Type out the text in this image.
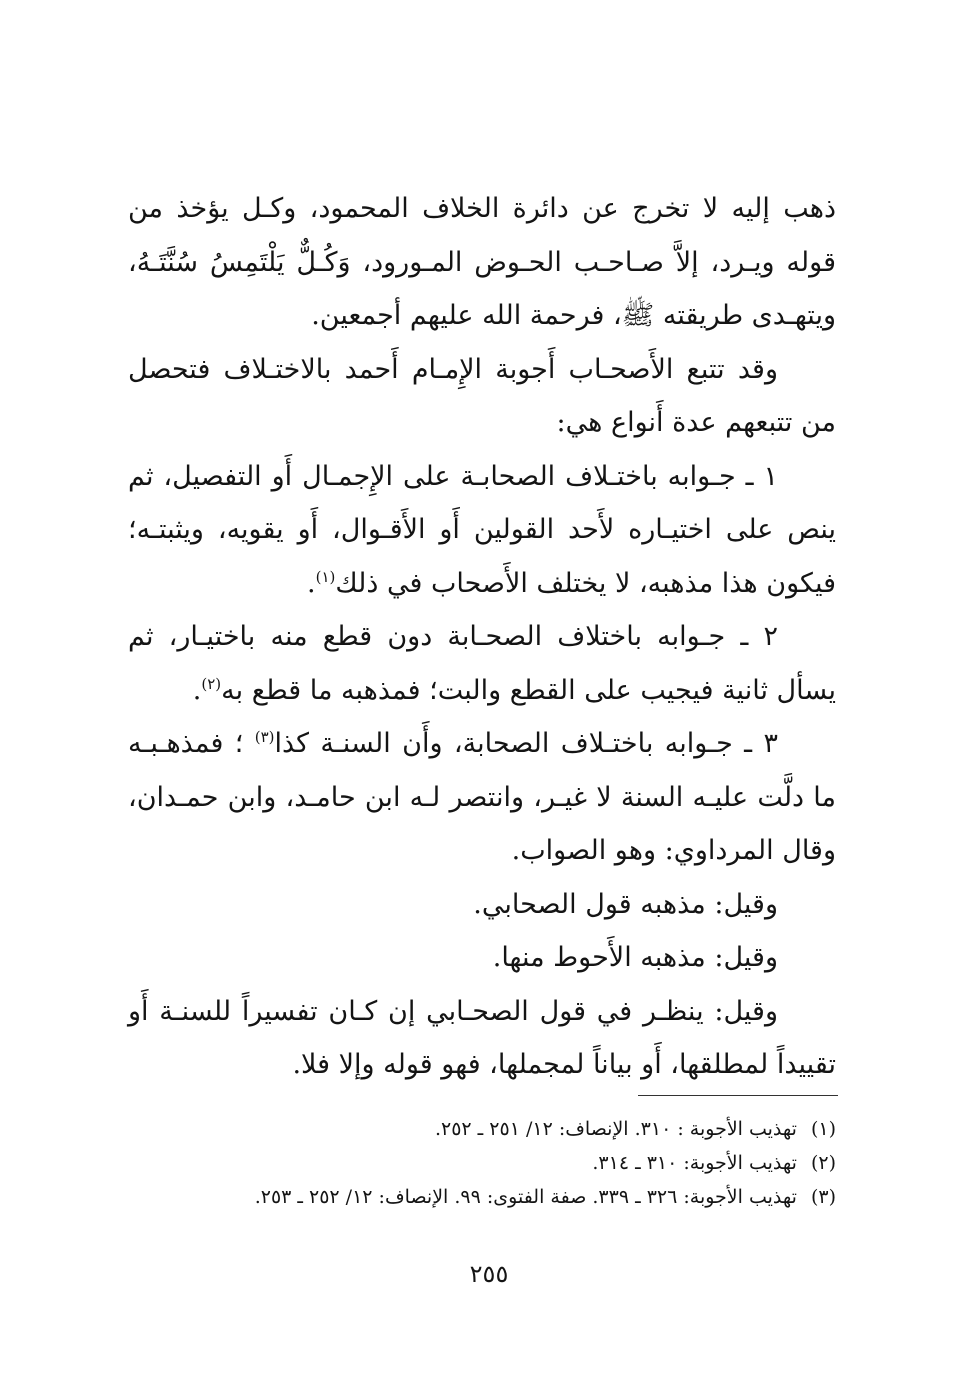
ذهب إليه لا تخرج عن دائرة الخلاف المحمود، وكـل يؤخذ من قوله ويـرد، إلاَّ صـاحـب الحـوض المـورود، وَكُـلٌّ يَلْتَمِسُ سُنَّتَـهُ، ويتهـدى طريقته ﷺ، فرحمة الله عليهم أجمعين.

وقد تتبع الأَصحـاب أَجوبة الإِمـام أَحمد بالاختـلاف فتحصل من تتبعهم عدة أَنواع هي:

١ ـ جـوابه باختـلاف الصحابـة على الإِجمـال أَو التفصيل، ثم ينص على اختيـاره لأَحد القولين أَو الأَقـوال، أَو يقويه، ويثبتـه؛ فيكون هذا مذهبه، لا يختلف الأَصحاب في ذلك$^{(١)}$.

٢ ـ جـوابه باختلاف الصحـابة دون قطع منه باختيـار، ثم يسأل ثانية فيجيب على القطع والبت؛ فمذهبه ما قطع به$^{(٢)}$.

٣ ـ جـوابه باختـلاف الصحابة، وأَن السنـة كذا$^{(٣)}$ ؛ فمذهـبـه ما دلَّت عليـه السنة لا غيـر، وانتصر لـه ابن حامـد، وابن حمـدان، وقال المرداوي: وهو الصواب.

وقيل: مذهبه قول الصحابي.

وقيل: مذهبه الأَحوط منها.

وقيل: ينظـر في قول الصحـابي إن كـان تفسيراً للسنـة أَو تقييداً لمطلقها، أَو بياناً لمجملها، فهو قوله وإلا فلا.

(١)تهذيب الأجوبة : ٣١٠. الإنصاف: ١٢/ ٢٥١ ـ ٢٥٢.

(٢)تهذيب الأجوبة: ٣١٠ ـ ٣١٤.

(٣)تهذيب الأجوبة: ٣٢٦ ـ ٣٣٩. صفة الفتوى: ٩٩. الإنصاف: ١٢/ ٢٥٢ ـ ٢٥٣.

٢٥٥
